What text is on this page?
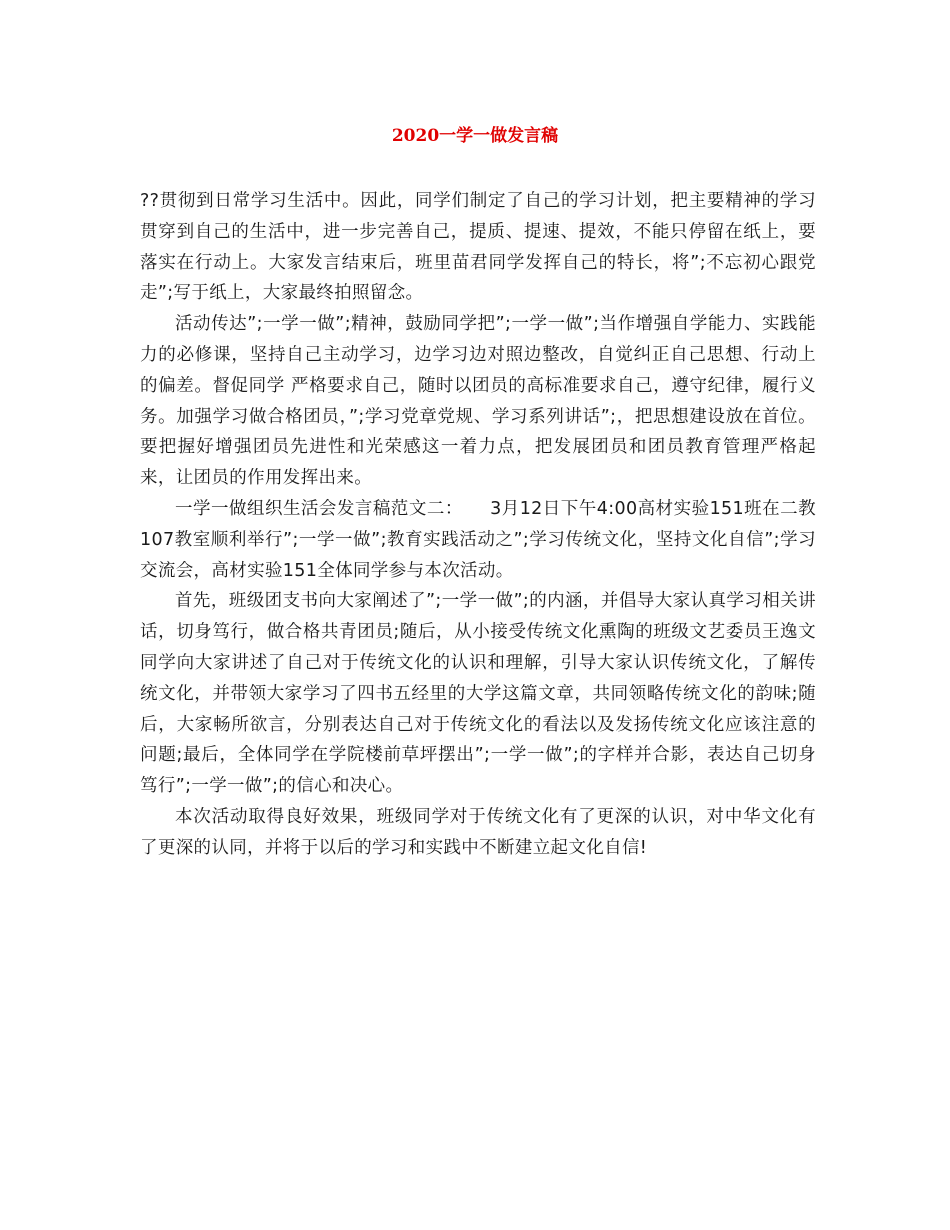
2020一学一做发言稿

??贯彻到日常学习生活中。因此，同学们制定了自己的学习计划，把主要精神的学习贯穿到自己的生活中，进一步完善自己，提质、提速、提效，不能只停留在纸上，要落实在行动上。大家发言结束后，班里苗君同学发挥自己的特长，将”;不忘初心跟党走”;写于纸上，大家最终拍照留念。

活动传达”;一学一做”;精神，鼓励同学把”;一学一做”;当作增强自学能力、实践能力的必修课，坚持自己主动学习，边学习边对照边整改，自觉纠正自己思想、行动上的偏差。督促同学 严格要求自己，随时以团员的高标准要求自己，遵守纪律，履行义务。加强学习做合格团员，”;学习党章党规、学习系列讲话”;，把思想建设放在首位。要把握好增强团员先进性和光荣感这一着力点，把发展团员和团员教育管理严格起来，让团员的作用发挥出来。

一学一做组织生活会发言稿范文二：　　3月12日下午4:00高材实验151班在二教107教室顺利举行”;一学一做”;教育实践活动之”;学习传统文化，坚持文化自信”;学习交流会，高材实验151全体同学参与本次活动。

首先，班级团支书向大家阐述了”;一学一做”;的内涵，并倡导大家认真学习相关讲话，切身笃行，做合格共青团员;随后，从小接受传统文化熏陶的班级文艺委员王逸文同学向大家讲述了自己对于传统文化的认识和理解，引导大家认识传统文化，了解传统文化，并带领大家学习了四书五经里的大学这篇文章，共同领略传统文化的韵味;随后，大家畅所欲言，分别表达自己对于传统文化的看法以及发扬传统文化应该注意的问题;最后，全体同学在学院楼前草坪摆出”;一学一做”;的字样并合影，表达自己切身笃行”;一学一做”;的信心和决心。

本次活动取得良好效果，班级同学对于传统文化有了更深的认识，对中华文化有了更深的认同，并将于以后的学习和实践中不断建立起文化自信!
